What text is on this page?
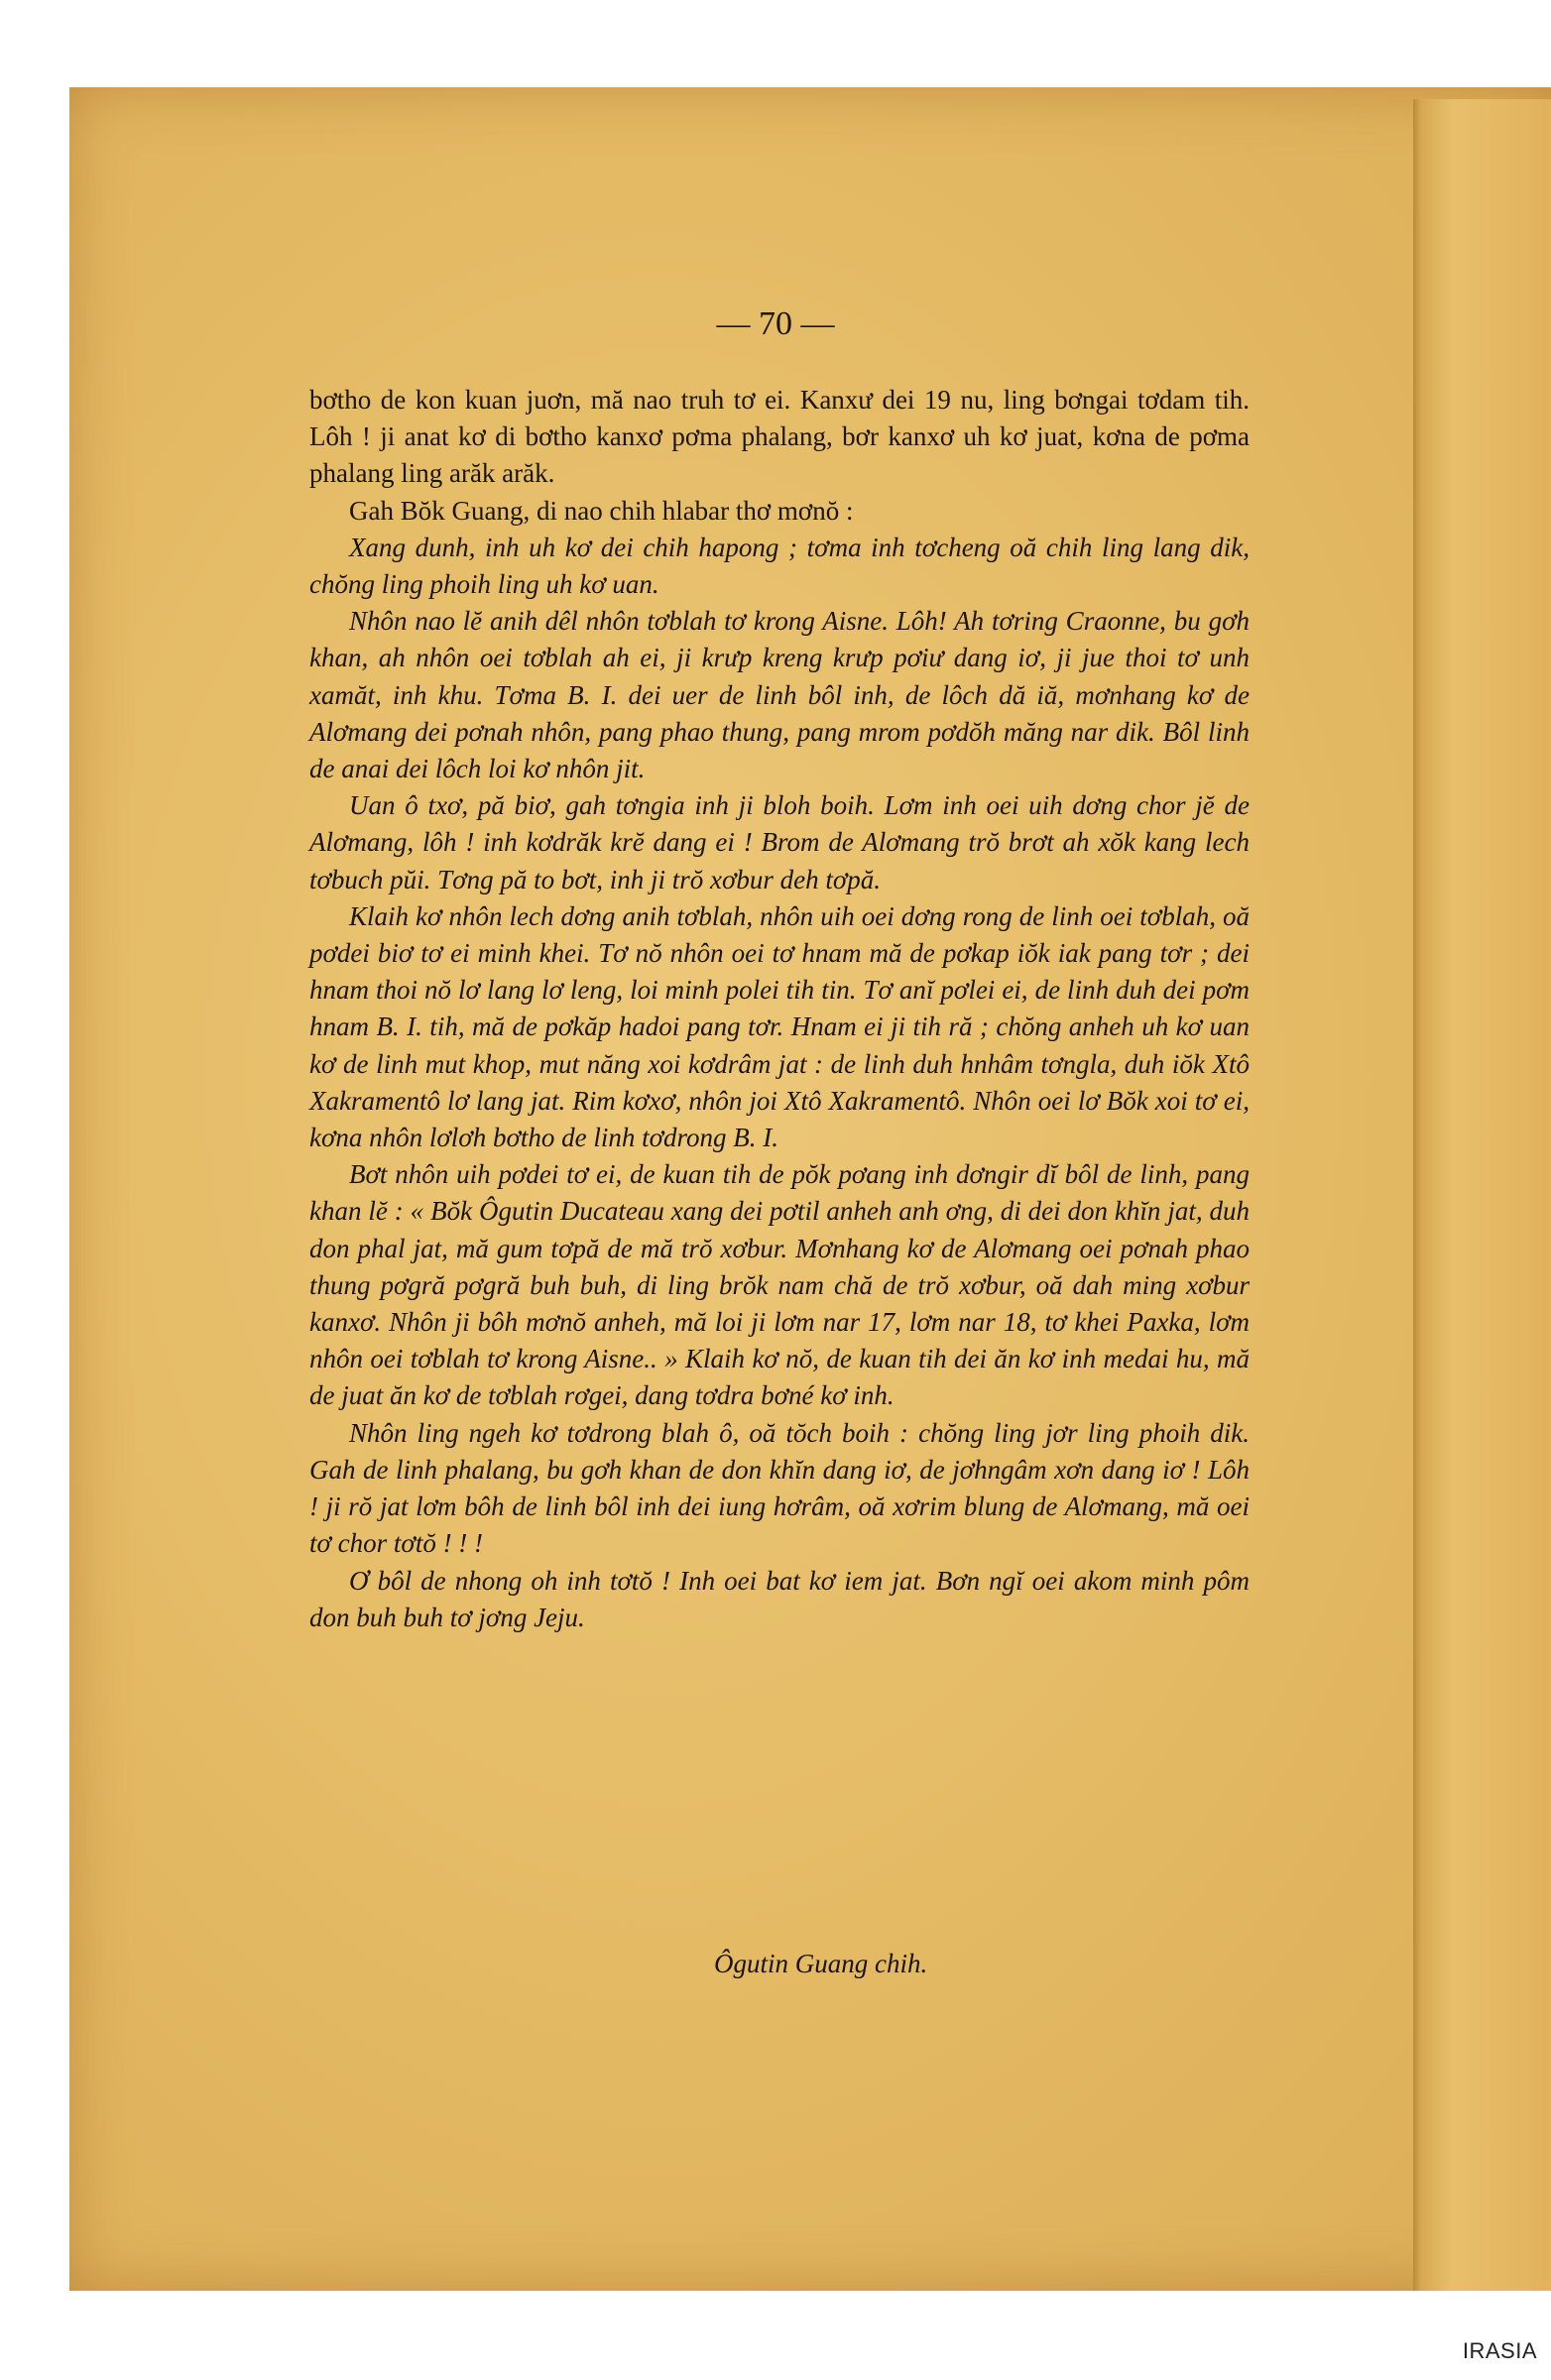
— 70 —

bơtho de kon kuan juơn, mă nao truh tơ ei. Kanxư dei 19 nu, ling bơngai tơdam tih. Lôh ! ji anat kơ di bơtho kanxơ pơma phalang, bơr kanxơ uh kơ juat, kơna de pơma phalang ling arăk arăk.

Gah Bŏk Guang, di nao chih hlabar thơ mơnŏ :

Xang dunh, inh uh kơ dei chih hapong ; tơma inh tơcheng oă chih ling lang dik, chŏng ling phoih ling uh kơ uan.

Nhôn nao lĕ anih dêl nhôn tơblah tơ krong Aisne. Lôh! Ah tơring Craonne, bu gơh khan, ah nhôn oei tơblah ah ei, ji krưp kreng krưp pơiư dang iơ, ji jue thoi tơ unh xamăt, inh khu. Tơma B. I. dei uer de linh bôl inh, de lôch dă iă, mơnhang kơ de Alơmang dei pơnah nhôn, pang phao thung, pang mrom pơdŏh măng nar dik. Bôl linh de anai dei lôch loi kơ nhôn jit.

Uan ô txơ, pă biơ, gah tơngia inh ji bloh boih. Lơm inh oei uih dơng chor jĕ de Alơmang, lôh ! inh kơdrăk krĕ dang ei ! Brom de Alơmang trŏ brơt ah xŏk kang lech tơbuch pŭi. Tơng pă to bơt, inh ji trŏ xơbur deh tơpă.

Klaih kơ nhôn lech dơng anih tơblah, nhôn uih oei dơng rong de linh oei tơblah, oă pơdei biơ tơ ei minh khei. Tơ nŏ nhôn oei tơ hnam mă de pơkap iŏk iak pang tơr ; dei hnam thoi nŏ lơ lang lơ leng, loi minh polei tih tin. Tơ anĭ pơlei ei, de linh duh dei pơm hnam B. I. tih, mă de pơkăp hadoi pang tơr. Hnam ei ji tih ră ; chŏng anheh uh kơ uan kơ de linh mut khop, mut năng xoi kơdrâm jat : de linh duh hnhâm tơngla, duh iŏk Xtô Xakramentô lơ lang jat. Rim kơxơ, nhôn joi Xtô Xakramentô. Nhôn oei lơ Bŏk xoi tơ ei, kơna nhôn lơlơh bơtho de linh tơdrong B. I.

Bơt nhôn uih pơdei tơ ei, de kuan tih de pŏk pơang inh dơngir dĭ bôl de linh, pang khan lĕ : « Bŏk Ôgutin Ducateau xang dei pơtil anheh anh ơng, di dei don khĭn jat, duh don phal jat, mă gum tơpă de mă trŏ xơbur. Mơnhang kơ de Alơmang oei pơnah phao thung pơgră pơgră buh buh, di ling brŏk nam chă de trŏ xơbur, oă dah ming xơbur kanxơ. Nhôn ji bôh mơnŏ anheh, mă loi ji lơm nar 17, lơm nar 18, tơ khei Paxka, lơm nhôn oei tơblah tơ krong Aisne.. » Klaih kơ nŏ, de kuan tih dei ăn kơ inh medai hu, mă de juat ăn kơ de tơblah rơgei, dang tơdra bơné kơ inh.

Nhôn ling ngeh kơ tơdrong blah ô, oă tŏch boih : chŏng ling jơr ling phoih dik. Gah de linh phalang, bu gơh khan de don khĭn dang iơ, de jơhngâm xơn dang iơ ! Lôh ! ji rŏ jat lơm bôh de linh bôl inh dei iung hơrâm, oă xơrim blung de Alơmang, mă oei tơ chor tơtŏ ! ! !

Ơ bôl de nhong oh inh tơtŏ ! Inh oei bat kơ iem jat. Bơn ngĭ oei akom minh pôm don buh buh tơ jơng Jeju.

Ôgutin Guang chih.
IRASIA
